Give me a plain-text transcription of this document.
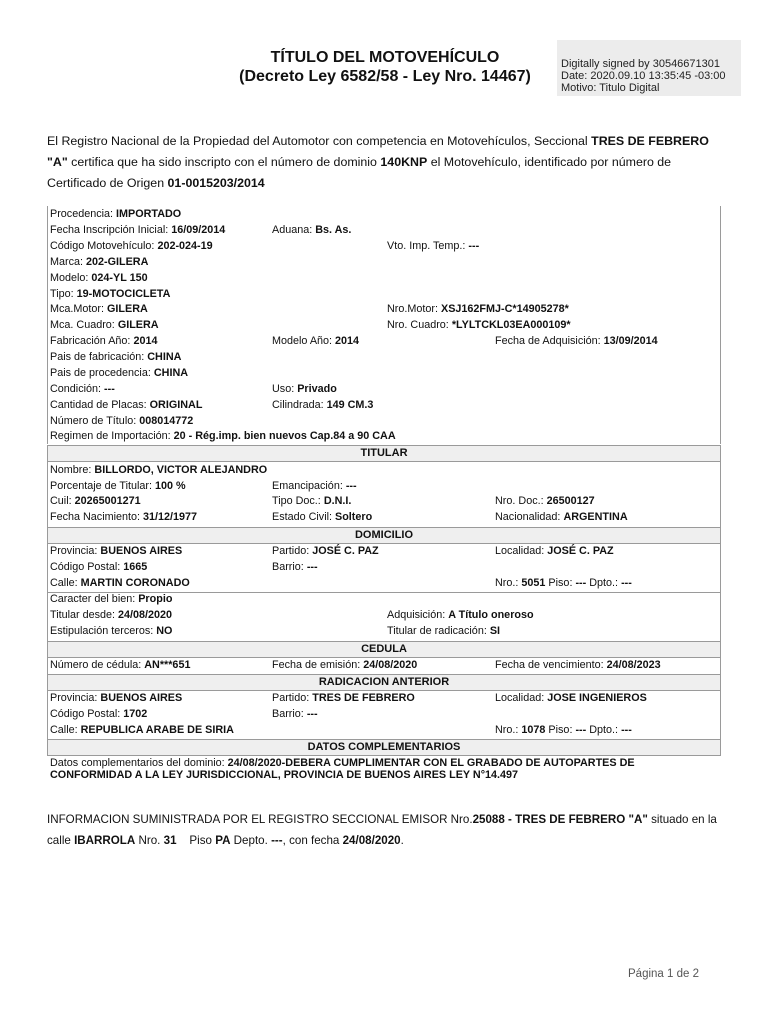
TÍTULO DEL MOTOVEHÍCULO
(Decreto Ley 6582/58 - Ley Nro. 14467)
Digitally signed by 30546671301
Date: 2020.09.10 13:35:45 -03:00
Motivo: Titulo Digital
El Registro Nacional de la Propiedad del Automotor con competencia en Motovehículos, Seccional TRES DE FEBRERO "A" certifica que ha sido inscripto con el número de dominio 140KNP el Motovehículo, identificado por número de Certificado de Origen 01-0015203/2014
Procedencia: IMPORTADO
Fecha Inscripción Inicial: 16/09/2014	Aduana: Bs. As.
Código Motovehículo: 202-024-19	Vto. Imp. Temp.: ---
Marca: 202-GILERA
Modelo: 024-YL 150
Tipo: 19-MOTOCICLETA
Mca.Motor: GILERA	Nro.Motor: XSJ162FMJ-C*14905278*
Mca. Cuadro: GILERA	Nro. Cuadro: *LYLTCKL03EA000109*
Fabricación Año: 2014	Modelo Año: 2014	Fecha de Adquisición: 13/09/2014
Pais de fabricación: CHINA
Pais de procedencia: CHINA
Condición: ---	Uso: Privado
Cantidad de Placas: ORIGINAL	Cilindrada: 149 CM.3
Número de Título: 008014772
Regimen de Importación: 20 - Rég.imp. bien nuevos Cap.84 a 90 CAA
TITULAR
Nombre: BILLORDO, VICTOR ALEJANDRO
Porcentaje de Titular: 100 %	Emancipación: ---
Cuil: 20265001271	Tipo Doc.: D.N.I.	Nro. Doc.: 26500127
Fecha Nacimiento: 31/12/1977	Estado Civil: Soltero	Nacionalidad: ARGENTINA
DOMICILIO
Provincia: BUENOS AIRES	Partido: JOSÉ C. PAZ	Localidad: JOSÉ C. PAZ
Código Postal: 1665	Barrio: ---
Calle: MARTIN CORONADO	Nro.: 5051 Piso: --- Dpto.: ---
Caracter del bien: Propio
Titular desde: 24/08/2020	Adquisición: A Título oneroso
Estipulación terceros: NO	Titular de radicación: SI
CEDULA
Número de cédula: AN***651	Fecha de emisión: 24/08/2020	Fecha de vencimiento: 24/08/2023
RADICACION ANTERIOR
Provincia: BUENOS AIRES	Partido: TRES DE FEBRERO	Localidad: JOSE INGENIEROS
Código Postal: 1702	Barrio: ---
Calle: REPUBLICA ARABE DE SIRIA	Nro.: 1078 Piso: --- Dpto.: ---
DATOS COMPLEMENTARIOS
Datos complementarios del dominio: 24/08/2020-DEBERA CUMPLIMENTAR CON EL GRABADO DE AUTOPARTES DE
CONFORMIDAD A LA LEY JURISDICCIONAL, PROVINCIA DE BUENOS AIRES LEY N°14.497
INFORMACION SUMINISTRADA POR EL REGISTRO SECCIONAL EMISOR Nro.25088 - TRES DE FEBRERO "A" situado en la calle IBARROLA Nro. 31    Piso PA Depto. ---, con fecha 24/08/2020.
Página 1 de 2
